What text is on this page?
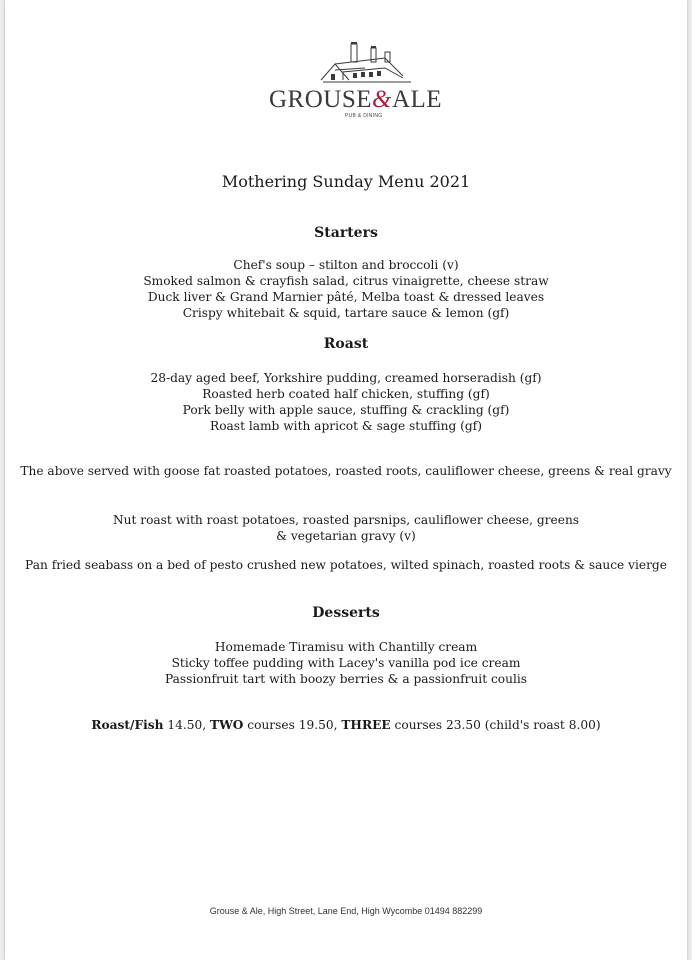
GROUSE&ALE
PUB & DINING
Mothering Sunday Menu 2021
Starters
Chef's soup – stilton and broccoli (v)
Smoked salmon & crayfish salad, citrus vinaigrette, cheese straw
Duck liver & Grand Marnier pâté, Melba toast & dressed leaves
Crispy whitebait & squid, tartare sauce & lemon (gf)
Roast
28-day aged beef, Yorkshire pudding, creamed horseradish (gf)
Roasted herb coated half chicken, stuffing (gf)
Pork belly with apple sauce, stuffing & crackling (gf)
Roast lamb with apricot & sage stuffing (gf)
The above served with goose fat roasted potatoes, roasted roots, cauliflower cheese, greens & real gravy
Nut roast with roast potatoes, roasted parsnips, cauliflower cheese, greens
& vegetarian gravy (v)
Pan fried seabass on a bed of pesto crushed new potatoes, wilted spinach, roasted roots & sauce vierge
Desserts
Homemade Tiramisu with Chantilly cream
Sticky toffee pudding with Lacey's vanilla pod ice cream
Passionfruit tart with boozy berries & a passionfruit coulis
Roast/Fish 14.50, TWO courses 19.50, THREE courses 23.50 (child's roast 8.00)
Grouse & Ale, High Street, Lane End, High Wycombe 01494 882299
